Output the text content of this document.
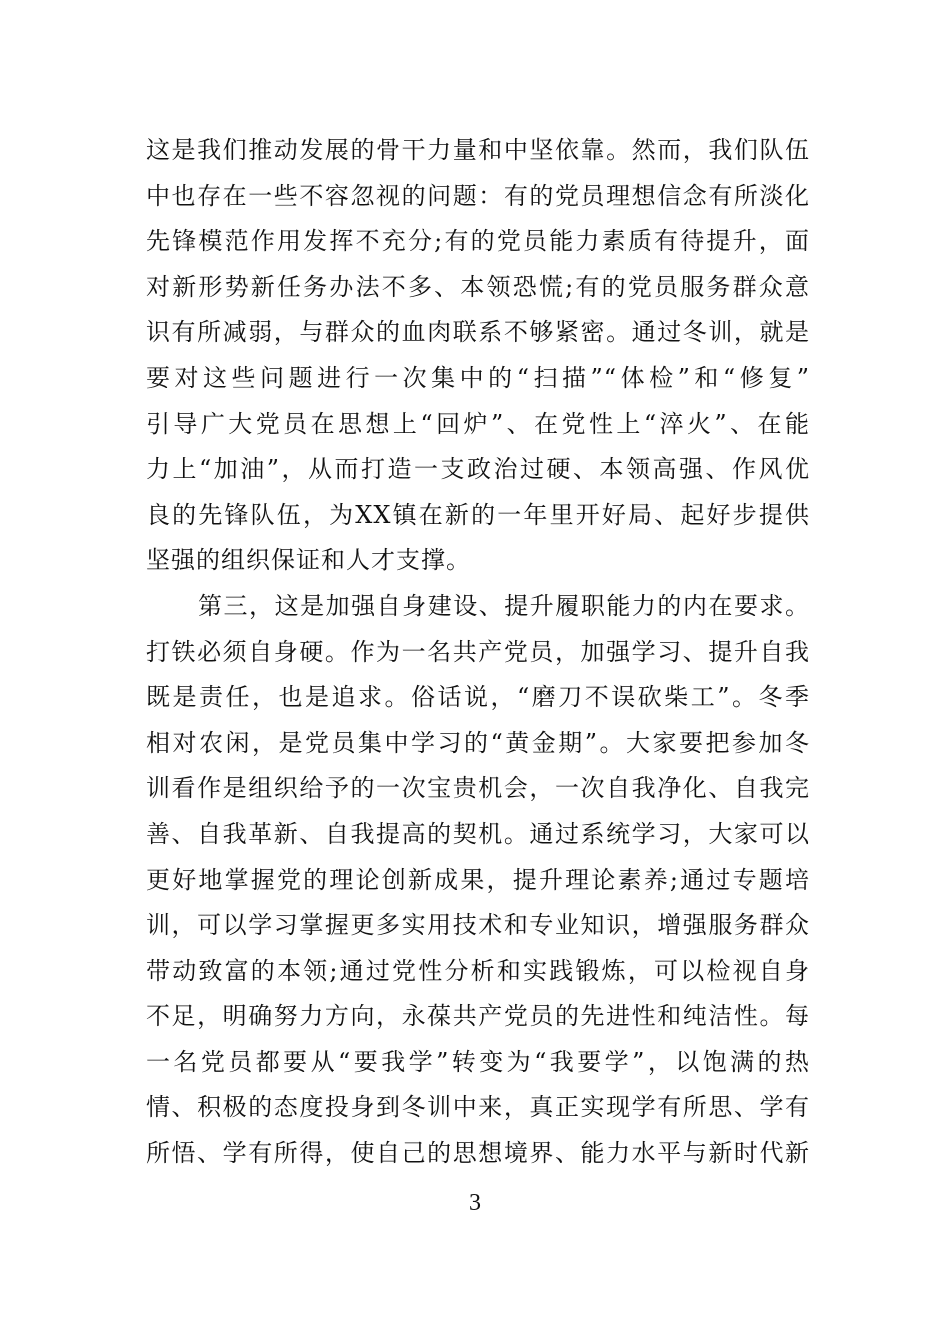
这是我们推动发展的骨干力量和中坚依靠。然而，我们队伍
中也存在一些不容忽视的问题：有的党员理想信念有所淡化
先锋模范作用发挥不充分;有的党员能力素质有待提升，面
对新形势新任务办法不多、本领恐慌;有的党员服务群众意
识有所减弱，与群众的血肉联系不够紧密。通过冬训，就是
要对这些问题进行一次集中的“扫描”“体检”和“修复”
引导广大党员在思想上“回炉”、在党性上“淬火”、在能
力上“加油”，从而打造一支政治过硬、本领高强、作风优
良的先锋队伍，为XX镇在新的一年里开好局、起好步提供
坚强的组织保证和人才支撑。
第三，这是加强自身建设、提升履职能力的内在要求。
打铁必须自身硬。作为一名共产党员，加强学习、提升自我
既是责任，也是追求。俗话说，“磨刀不误砍柴工”。冬季
相对农闲，是党员集中学习的“黄金期”。大家要把参加冬
训看作是组织给予的一次宝贵机会，一次自我净化、自我完
善、自我革新、自我提高的契机。通过系统学习，大家可以
更好地掌握党的理论创新成果，提升理论素养;通过专题培
训，可以学习掌握更多实用技术和专业知识，增强服务群众
带动致富的本领;通过党性分析和实践锻炼，可以检视自身
不足，明确努力方向，永葆共产党员的先进性和纯洁性。每
一名党员都要从“要我学”转变为“我要学”，以饱满的热
情、积极的态度投身到冬训中来，真正实现学有所思、学有
所悟、学有所得，使自己的思想境界、能力水平与新时代新
3
